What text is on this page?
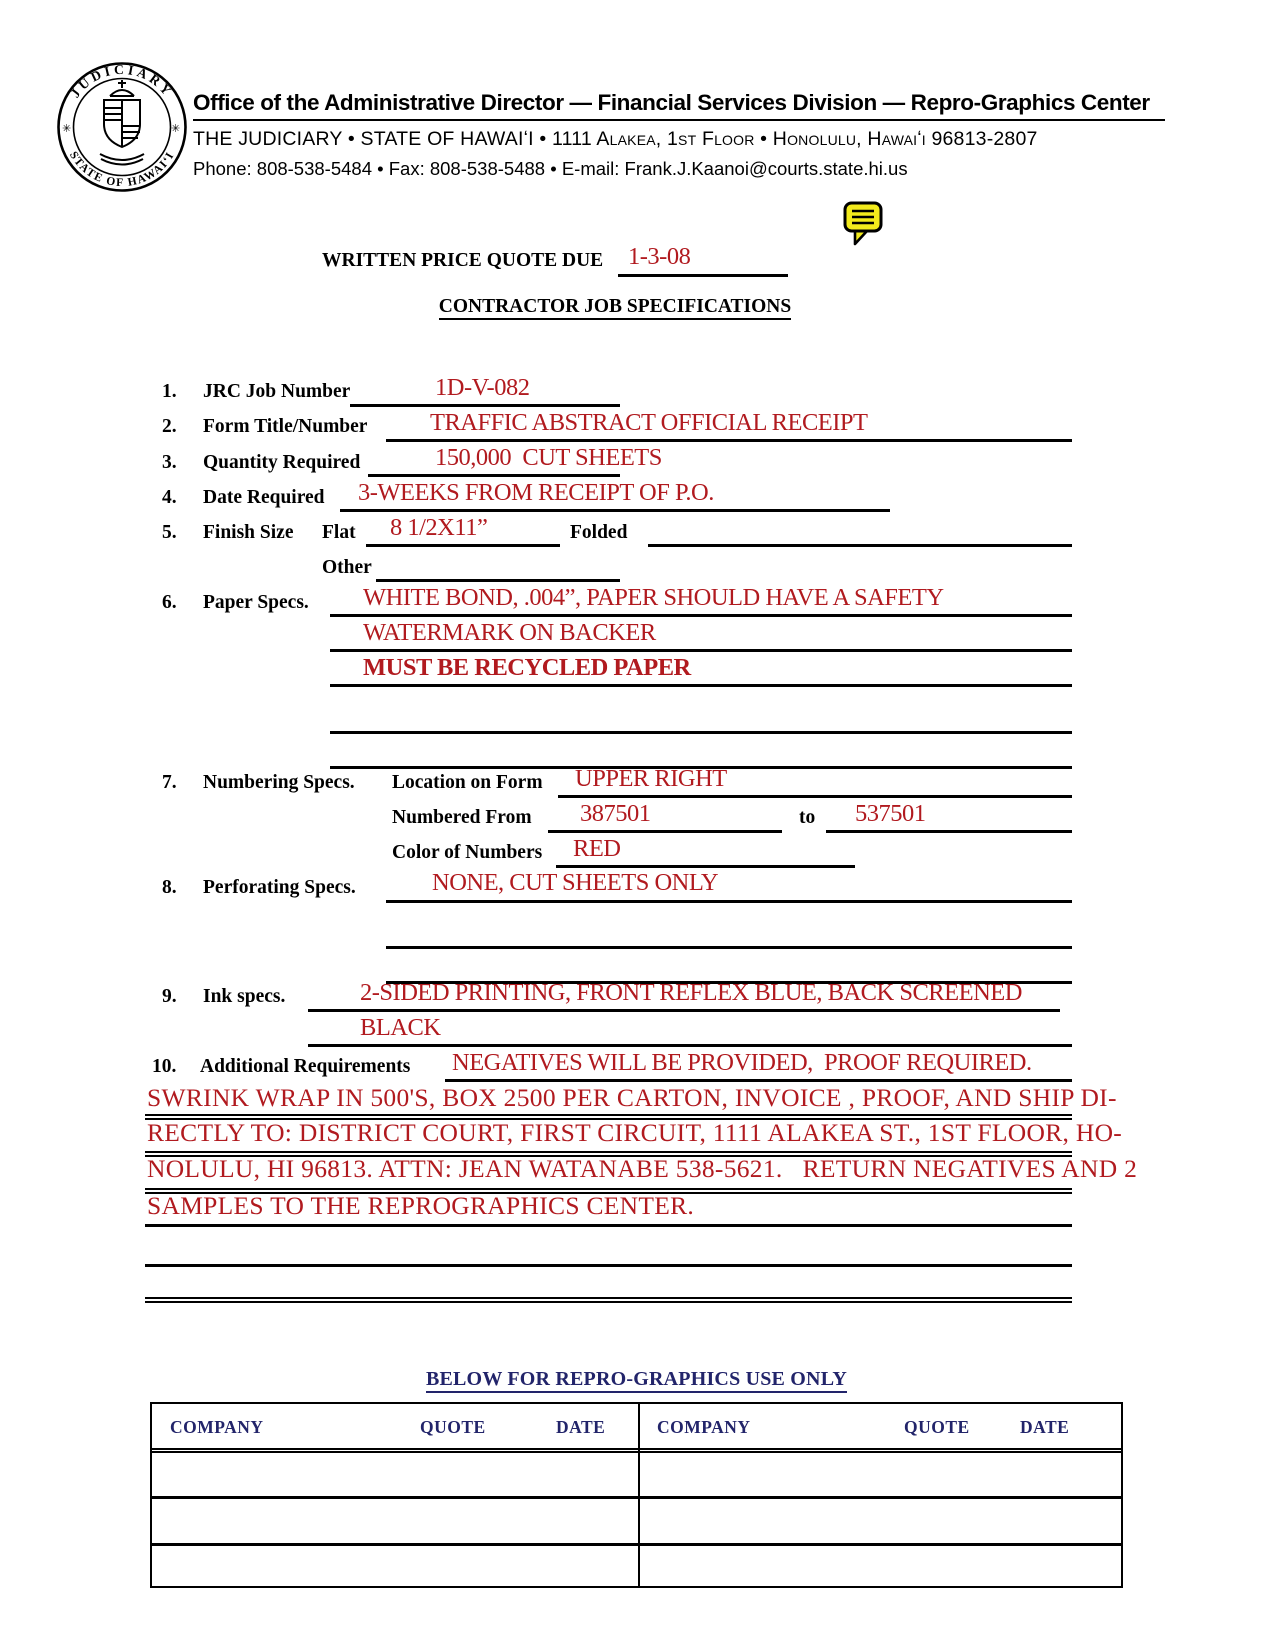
JUDICIARY
STATE OF HAWAIʻI
✳	✳
Office of the Administrative Director — Financial Services Division — Repro-Graphics Center
THE JUDICIARY • STATE OF HAWAIʻI • 1111 Alakea, 1st Floor • Honolulu, Hawaiʻi 96813-2807
Phone: 808-538-5484 • Fax: 808-538-5488 • E-mail: Frank.J.Kaanoi@courts.state.hi.us
WRITTEN PRICE QUOTE DUE 1-3-08
CONTRACTOR JOB SPECIFICATIONS
1. JRC Job Number	1D-V-082
2. Form Title/Number	TRAFFIC ABSTRACT OFFICIAL RECEIPT
3. Quantity Required	150,000  CUT SHEETS
4. Date Required 3-WEEKS FROM RECEIPT OF P.O.
5. Finish Size Flat 8 1/2X11”	Folded
Other
6. Paper Specs. WHITE BOND, .004”, PAPER SHOULD HAVE A SAFETY
WATERMARK ON BACKER
MUST BE RECYCLED PAPER
7. Numbering Specs. Location on Form UPPER RIGHT
Numbered From 387501	to 537501
Color of Numbers RED
8. Perforating Specs.	NONE, CUT SHEETS ONLY
9. Ink specs.	2-SIDED PRINTING, FRONT REFLEX BLUE, BACK SCREENED
BLACK
10. Additional Requirements NEGATIVES WILL BE PROVIDED,  PROOF REQUIRED.
SWRINK WRAP IN 500'S, BOX 2500 PER CARTON, INVOICE , PROOF, AND SHIP DI-
RECTLY TO: DISTRICT COURT, FIRST CIRCUIT, 1111 ALAKEA ST., 1ST FLOOR, HO-
NOLULU, HI 96813. ATTN: JEAN WATANABE 538-5621.   RETURN NEGATIVES AND 2
SAMPLES TO THE REPROGRAPHICS CENTER.
BELOW FOR REPRO-GRAPHICS USE ONLY
COMPANY	QUOTE	DATE	COMPANY	QUOTE	DATE
